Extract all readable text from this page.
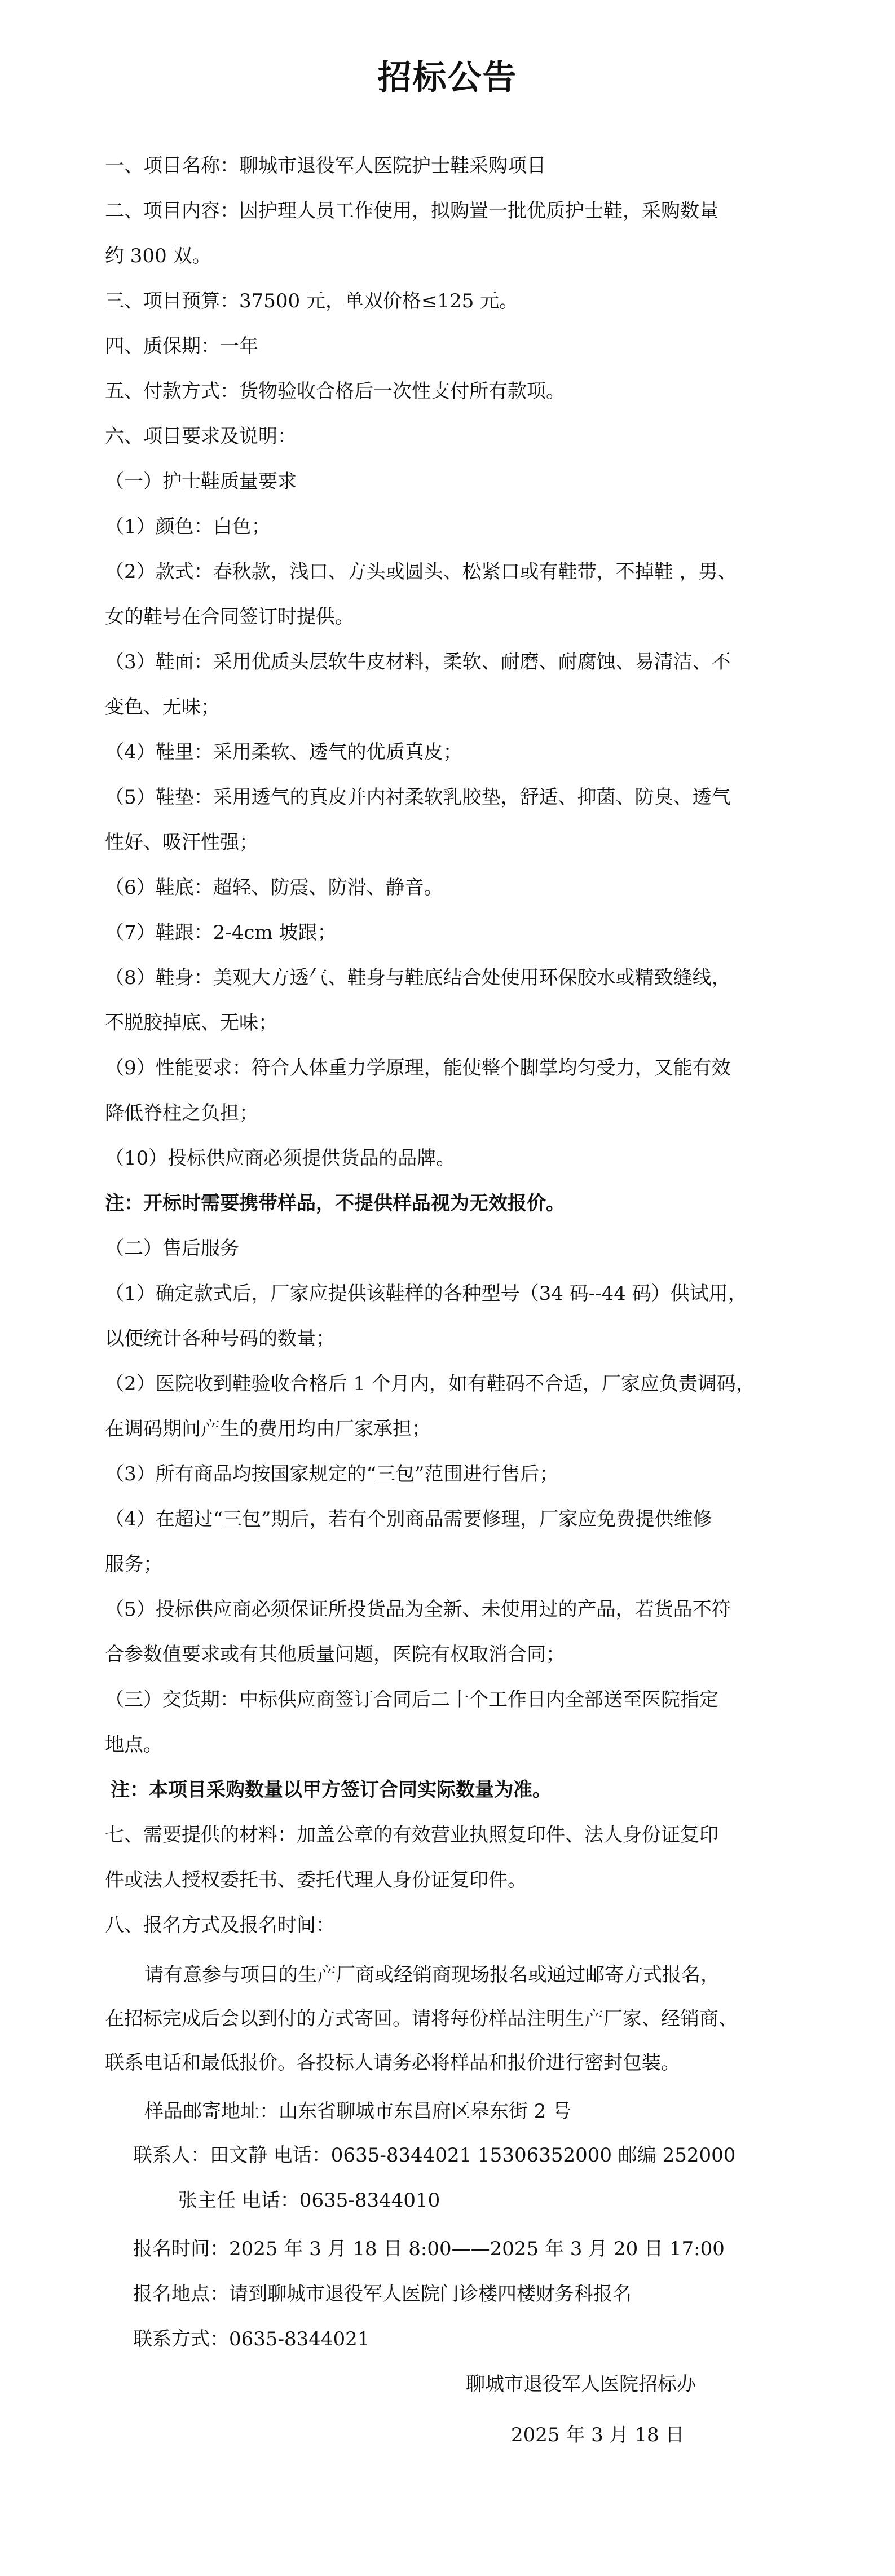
招标公告
一、项目名称：聊城市退役军人医院护士鞋采购项目
二、项目内容：因护理人员工作使用，拟购置一批优质护士鞋，采购数量
约 300 双。
三、项目预算：37500 元，单双价格≤125 元。
四、质保期：一年
五、付款方式：货物验收合格后一次性支付所有款项。
六、项目要求及说明：
（一）护士鞋质量要求
（1）颜色：白色；
（2）款式：春秋款，浅口、方头或圆头、松紧口或有鞋带，不掉鞋 ，男、
女的鞋号在合同签订时提供。
（3）鞋面：采用优质头层软牛皮材料，柔软、耐磨、耐腐蚀、易清洁、不
变色、无味；
（4）鞋里：采用柔软、透气的优质真皮；
（5）鞋垫：采用透气的真皮并内衬柔软乳胶垫，舒适、抑菌、防臭、透气
性好、吸汗性强；
（6）鞋底：超轻、防震、防滑、静音。
（7）鞋跟：2-4cm 坡跟；
（8）鞋身：美观大方透气、鞋身与鞋底结合处使用环保胶水或精致缝线，
不脱胶掉底、无味；
（9）性能要求：符合人体重力学原理，能使整个脚掌均匀受力，又能有效
降低脊柱之负担；
（10）投标供应商必须提供货品的品牌。
注：开标时需要携带样品，不提供样品视为无效报价。
（二）售后服务
（1）确定款式后，厂家应提供该鞋样的各种型号（34 码--44 码）供试用，
以便统计各种号码的数量；
（2）医院收到鞋验收合格后 1 个月内，如有鞋码不合适，厂家应负责调码，
在调码期间产生的费用均由厂家承担；
（3）所有商品均按国家规定的“三包”范围进行售后；
（4）在超过“三包”期后，若有个别商品需要修理，厂家应免费提供维修
服务；
（5）投标供应商必须保证所投货品为全新、未使用过的产品，若货品不符
合参数值要求或有其他质量问题，医院有权取消合同；
（三）交货期：中标供应商签订合同后二十个工作日内全部送至医院指定
地点。
注：本项目采购数量以甲方签订合同实际数量为准。
七、需要提供的材料：加盖公章的有效营业执照复印件、法人身份证复印
件或法人授权委托书、委托代理人身份证复印件。
八、报名方式及报名时间：
请有意参与项目的生产厂商或经销商现场报名或通过邮寄方式报名，
在招标完成后会以到付的方式寄回。请将每份样品注明生产厂家、经销商、
联系电话和最低报价。各投标人请务必将样品和报价进行密封包装。
样品邮寄地址：山东省聊城市东昌府区皋东街 2 号
联系人：田文静 电话：0635-8344021 15306352000 邮编 252000
张主任 电话：0635-8344010
报名时间：2025 年 3 月 18 日 8:00——2025 年 3 月 20 日 17:00
报名地点：请到聊城市退役军人医院门诊楼四楼财务科报名
联系方式：0635-8344021
聊城市退役军人医院招标办
2025 年 3 月 18 日
